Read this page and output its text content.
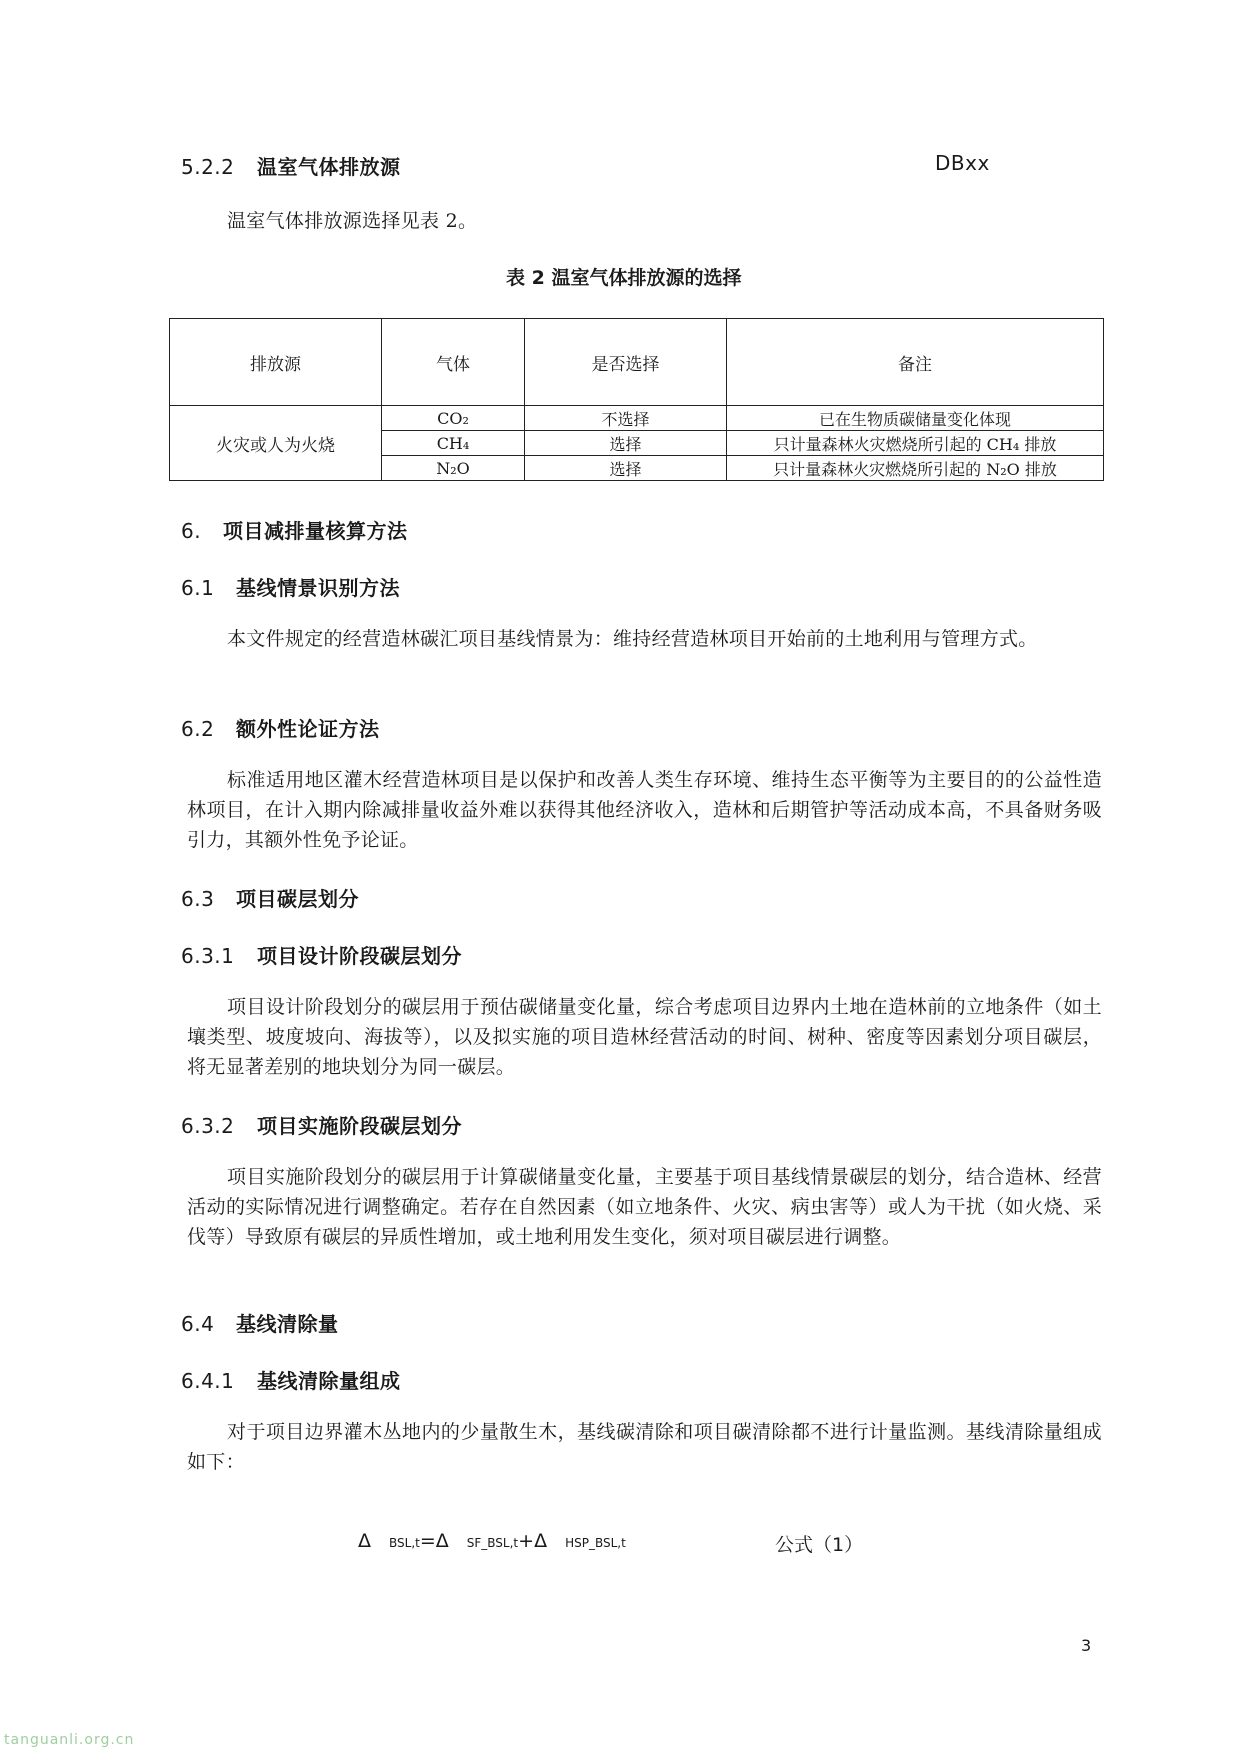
DBxx
5.2.2 温室气体排放源
温室气体排放源选择见表 2。
表 2 温室气体排放源的选择
排放源	气体	是否选择	备注
火灾或人为火烧	CO₂	不选择	已在生物质碳储量变化体现
	CH₄	选择	只计量森林火灾燃烧所引起的 CH₄ 排放
	N₂O	选择	只计量森林火灾燃烧所引起的 N₂O 排放
6. 项目减排量核算方法
6.1 基线情景识别方法
本文件规定的经营造林碳汇项目基线情景为：维持经营造林项目开始前的土地利用与管理方式。
6.2 额外性论证方法
标准适用地区灌木经营造林项目是以保护和改善人类生存环境、维持生态平衡等为主要目的的公益性造林项目，在计入期内除减排量收益外难以获得其他经济收入，造林和后期管护等活动成本高，不具备财务吸引力，其额外性免予论证。
6.3 项目碳层划分
6.3.1 项目设计阶段碳层划分
项目设计阶段划分的碳层用于预估碳储量变化量，综合考虑项目边界内土地在造林前的立地条件（如土壤类型、坡度坡向、海拔等），以及拟实施的项目造林经营活动的时间、树种、密度等因素划分项目碳层，将无显著差别的地块划分为同一碳层。
6.3.2 项目实施阶段碳层划分
项目实施阶段划分的碳层用于计算碳储量变化量，主要基于项目基线情景碳层的划分，结合造林、经营活动的实际情况进行调整确定。若存在自然因素（如立地条件、火灾、病虫害等）或人为干扰（如火烧、采伐等）导致原有碳层的异质性增加，或土地利用发生变化，须对项目碳层进行调整。
6.4 基线清除量
6.4.1 基线清除量组成
对于项目边界灌木丛地内的少量散生木，基线碳清除和项目碳清除都不进行计量监测。基线清除量组成如下：
Δ BSL,t=Δ SF_BSL,t+Δ HSP_BSL,t	公式（1）
3
tanguanli.org.cn
